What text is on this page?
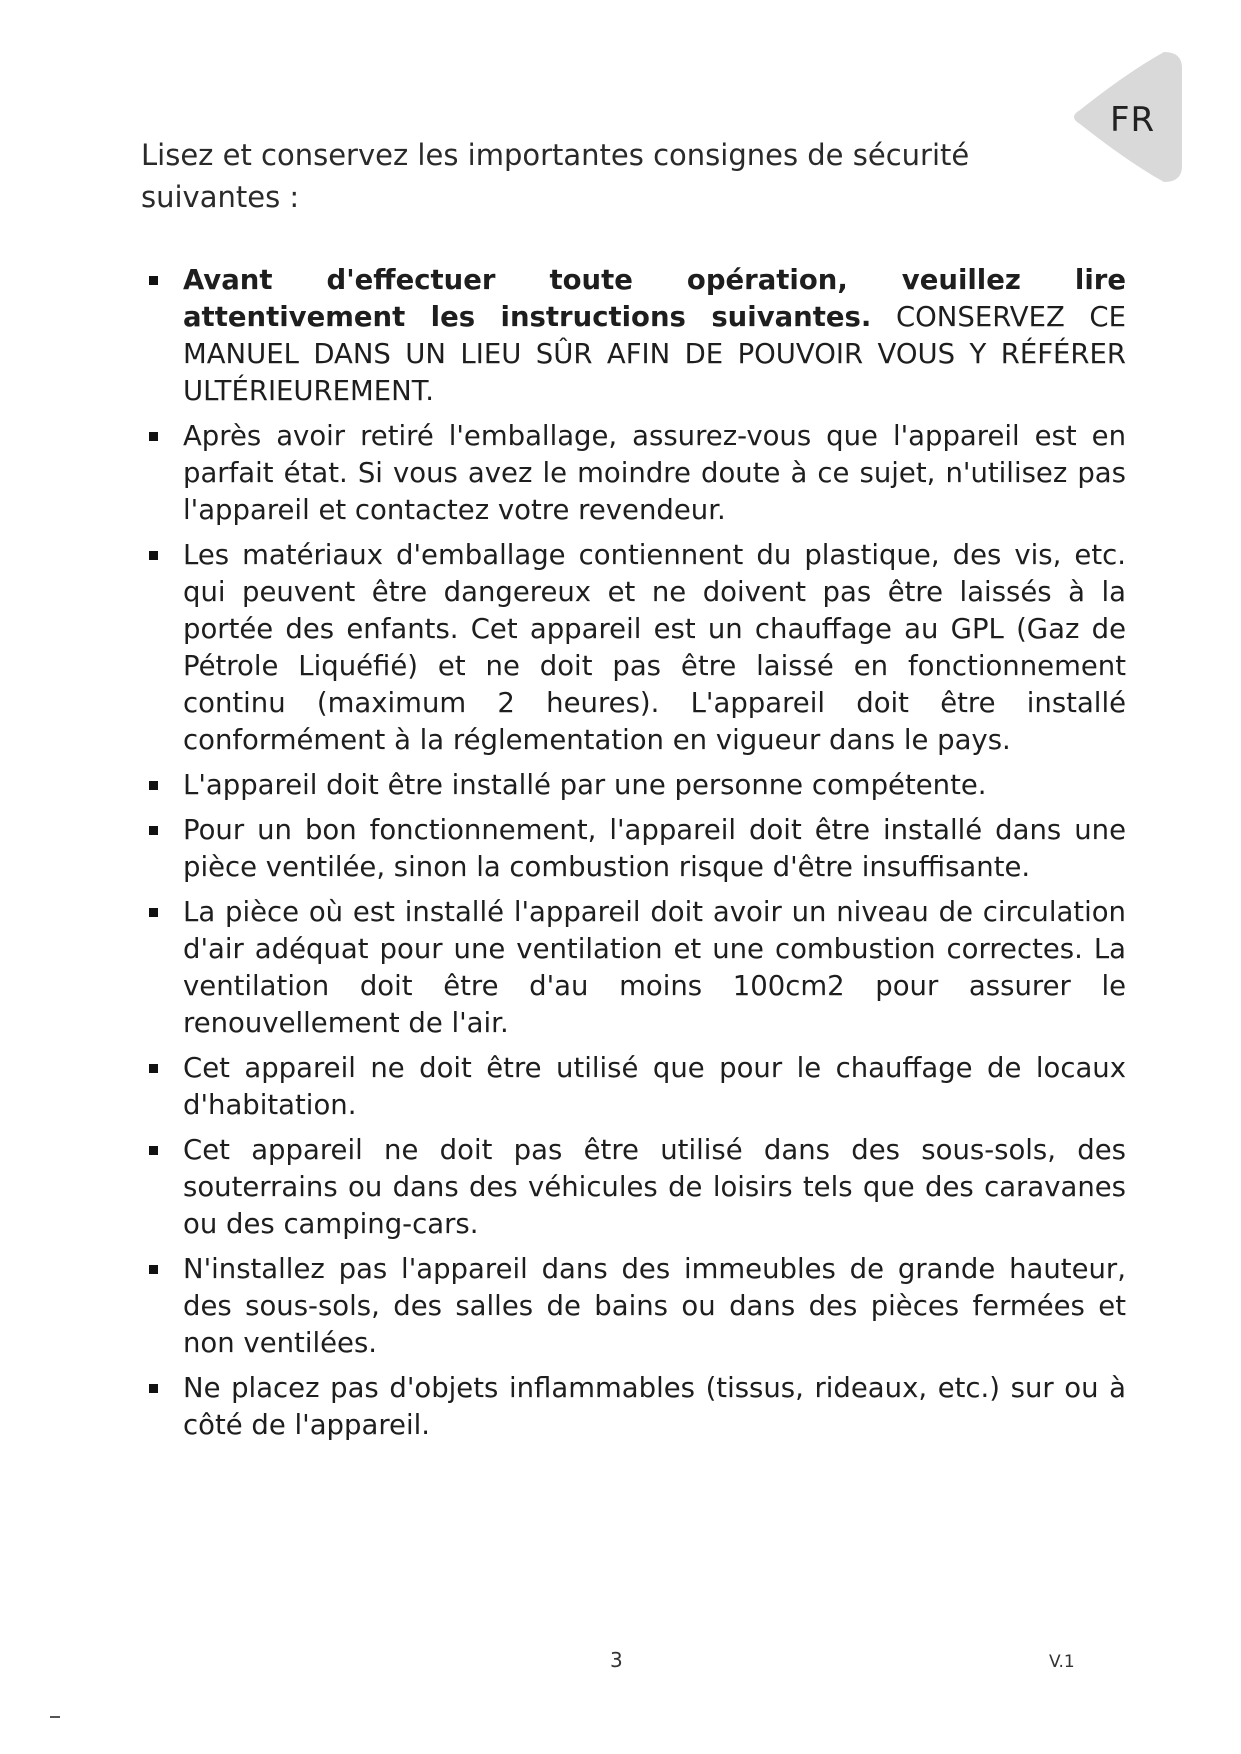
FR

Lisez et conservez les importantes consignes de sécurité suivantes :

Avant d'effectuer toute opération, veuillez lire attentivement les instructions suivantes. CONSERVEZ CE MANUEL DANS UN LIEU SÛR AFIN DE POUVOIR VOUS Y RÉFÉRER ULTÉRIEUREMENT.
Après avoir retiré l'emballage, assurez-vous que l'appareil est en parfait état. Si vous avez le moindre doute à ce sujet, n'utilisez pas l'appareil et contactez votre revendeur.
Les matériaux d'emballage contiennent du plastique, des vis, etc. qui peuvent être dangereux et ne doivent pas être laissés à la portée des enfants. Cet appareil est un chauffage au GPL (Gaz de Pétrole Liquéfié) et ne doit pas être laissé en fonctionnement continu (maximum 2 heures). L'appareil doit être installé conformément à la réglementation en vigueur dans le pays.
L'appareil doit être installé par une personne compétente.
Pour un bon fonctionnement, l'appareil doit être installé dans une pièce ventilée, sinon la combustion risque d'être insuffisante.
La pièce où est installé l'appareil doit avoir un niveau de circulation d'air adéquat pour une ventilation et une combustion correctes. La ventilation doit être d'au moins 100cm2 pour assurer le renouvellement de l'air.
Cet appareil ne doit être utilisé que pour le chauffage de locaux d'habitation.
Cet appareil ne doit pas être utilisé dans des sous-sols, des souterrains ou dans des véhicules de loisirs tels que des caravanes ou des camping-cars.
N'installez pas l'appareil dans des immeubles de grande hauteur, des sous-sols, des salles de bains ou dans des pièces fermées et non ventilées.
Ne placez pas d'objets inflammables (tissus, rideaux, etc.) sur ou à côté de l'appareil.
3	V.1
